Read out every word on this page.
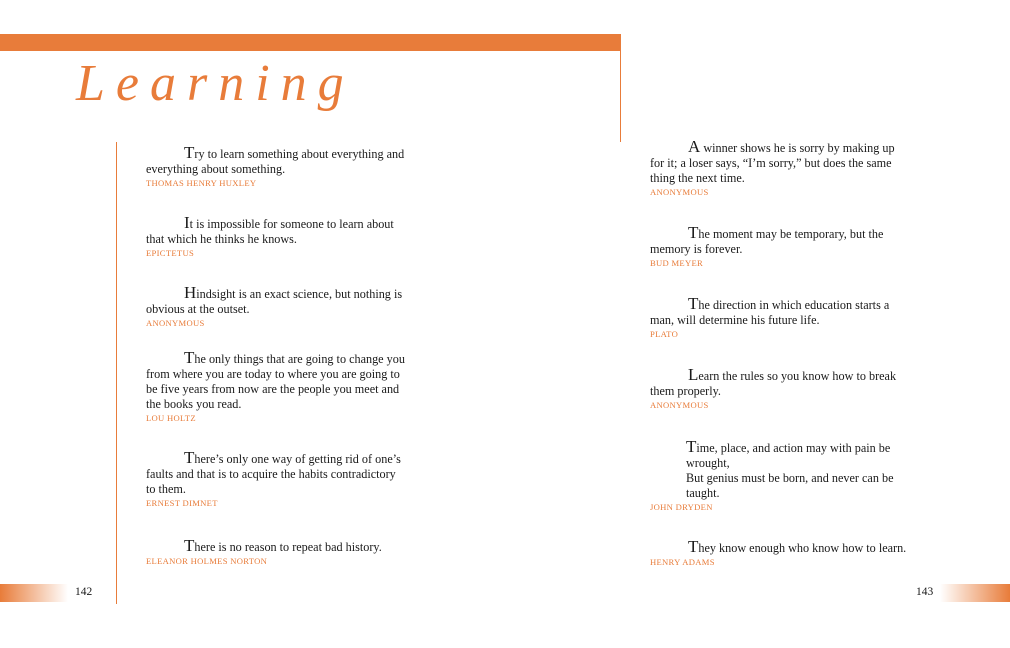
Learning

Try to learn something about everything and everything about something.

THOMAS HENRY HUXLEY

It is impossible for someone to learn about that which he thinks he knows.

EPICTETUS

Hindsight is an exact science, but nothing is obvious at the outset.

ANONYMOUS

The only things that are going to change you from where you are today to where you are going to be five years from now are the people you meet and the books you read.

LOU HOLTZ

There’s only one way of getting rid of one’s faults and that is to acquire the habits contradictory to them.

ERNEST DIMNET

There is no reason to repeat bad history.

ELEANOR HOLMES NORTON

A winner shows he is sorry by making up for it; a loser says, “I’m sorry,” but does the same thing the next time.

ANONYMOUS

The moment may be temporary, but the memory is forever.

BUD MEYER

The direction in which education starts a man, will determine his future life.

PLATO

Learn the rules so you know how to break them properly.

ANONYMOUS

Time, place, and action may with pain be wrought,
But genius must be born, and never can be taught.

JOHN DRYDEN

They know enough who know how to learn.

HENRY ADAMS
142	143
